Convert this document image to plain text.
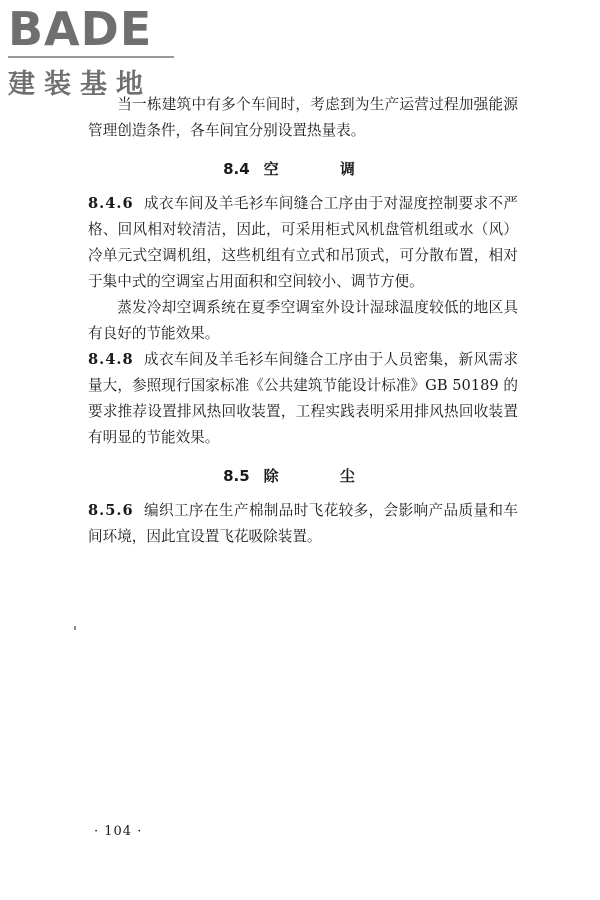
BADE
建装基地

当一栋建筑中有多个车间时，考虑到为生产运营过程加强能源管理创造条件，各车间宜分别设置热量表。

8.4 空 调

8.4.6 成衣车间及羊毛衫车间缝合工序由于对湿度控制要求不严格、回风相对较清洁，因此，可采用柜式风机盘管机组或水（风）冷单元式空调机组，这些机组有立式和吊顶式，可分散布置，相对于集中式的空调室占用面积和空间较小、调节方便。

蒸发冷却空调系统在夏季空调室外设计湿球温度较低的地区具有良好的节能效果。

8.4.8 成衣车间及羊毛衫车间缝合工序由于人员密集，新风需求量大，参照现行国家标准《公共建筑节能设计标准》GB 50189 的要求推荐设置排风热回收装置，工程实践表明采用排风热回收装置有明显的节能效果。

8.5 除 尘

8.5.6 编织工序在生产棉制品时飞花较多，会影响产品质量和车间环境，因此宜设置飞花吸除装置。

· 104 ·
